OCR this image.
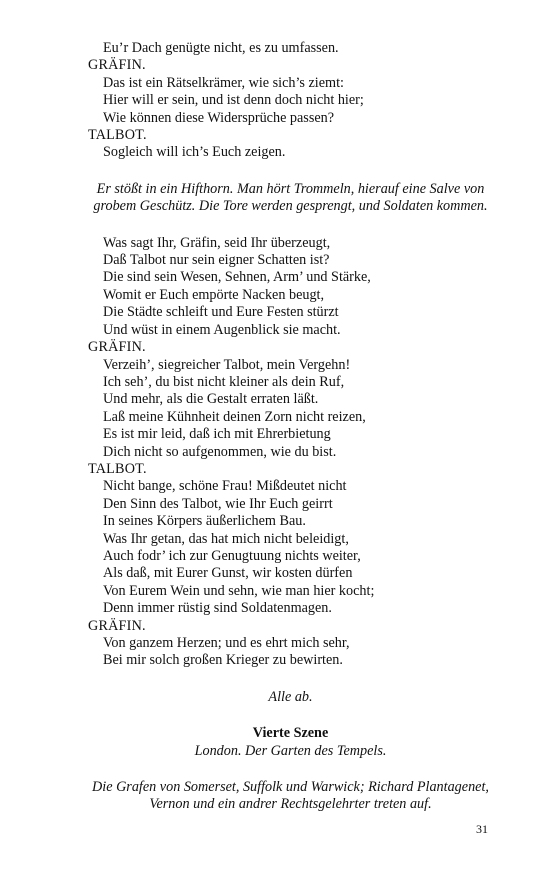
Eu’r Dach genügte nicht, es zu umfassen.
GRÄFIN.
Das ist ein Rätselkrämer, wie sich’s ziemt:
Hier will er sein, und ist denn doch nicht hier;
Wie können diese Widersprüche passen?
TALBOT.
Sogleich will ich’s Euch zeigen.
Er stößt in ein Hifthorn. Man hört Trommeln, hierauf eine Salve von grobem Geschütz. Die Tore werden gesprengt, und Soldaten kommen.
Was sagt Ihr, Gräfin, seid Ihr überzeugt,
Daß Talbot nur sein eigner Schatten ist?
Die sind sein Wesen, Sehnen, Arm’ und Stärke,
Womit er Euch empörte Nacken beugt,
Die Städte schleift und Eure Festen stürzt
Und wüst in einem Augenblick sie macht.
GRÄFIN.
Verzeih’, siegreicher Talbot, mein Vergehn!
Ich seh’, du bist nicht kleiner als dein Ruf,
Und mehr, als die Gestalt erraten läßt.
Laß meine Kühnheit deinen Zorn nicht reizen,
Es ist mir leid, daß ich mit Ehrerbietung
Dich nicht so aufgenommen, wie du bist.
TALBOT.
Nicht bange, schöne Frau! Mißdeutet nicht
Den Sinn des Talbot, wie Ihr Euch geirrt
In seines Körpers äußerlichem Bau.
Was Ihr getan, das hat mich nicht beleidigt,
Auch fodr’ ich zur Genugtuung nichts weiter,
Als daß, mit Eurer Gunst, wir kosten dürfen
Von Eurem Wein und sehn, wie man hier kocht;
Denn immer rüstig sind Soldatenmagen.
GRÄFIN.
Von ganzem Herzen; und es ehrt mich sehr,
Bei mir solch großen Krieger zu bewirten.
Alle ab.
Vierte Szene
London. Der Garten des Tempels.
Die Grafen von Somerset, Suffolk und Warwick; Richard Plantagenet, Vernon und ein andrer Rechtsgelehrter treten auf.
31
